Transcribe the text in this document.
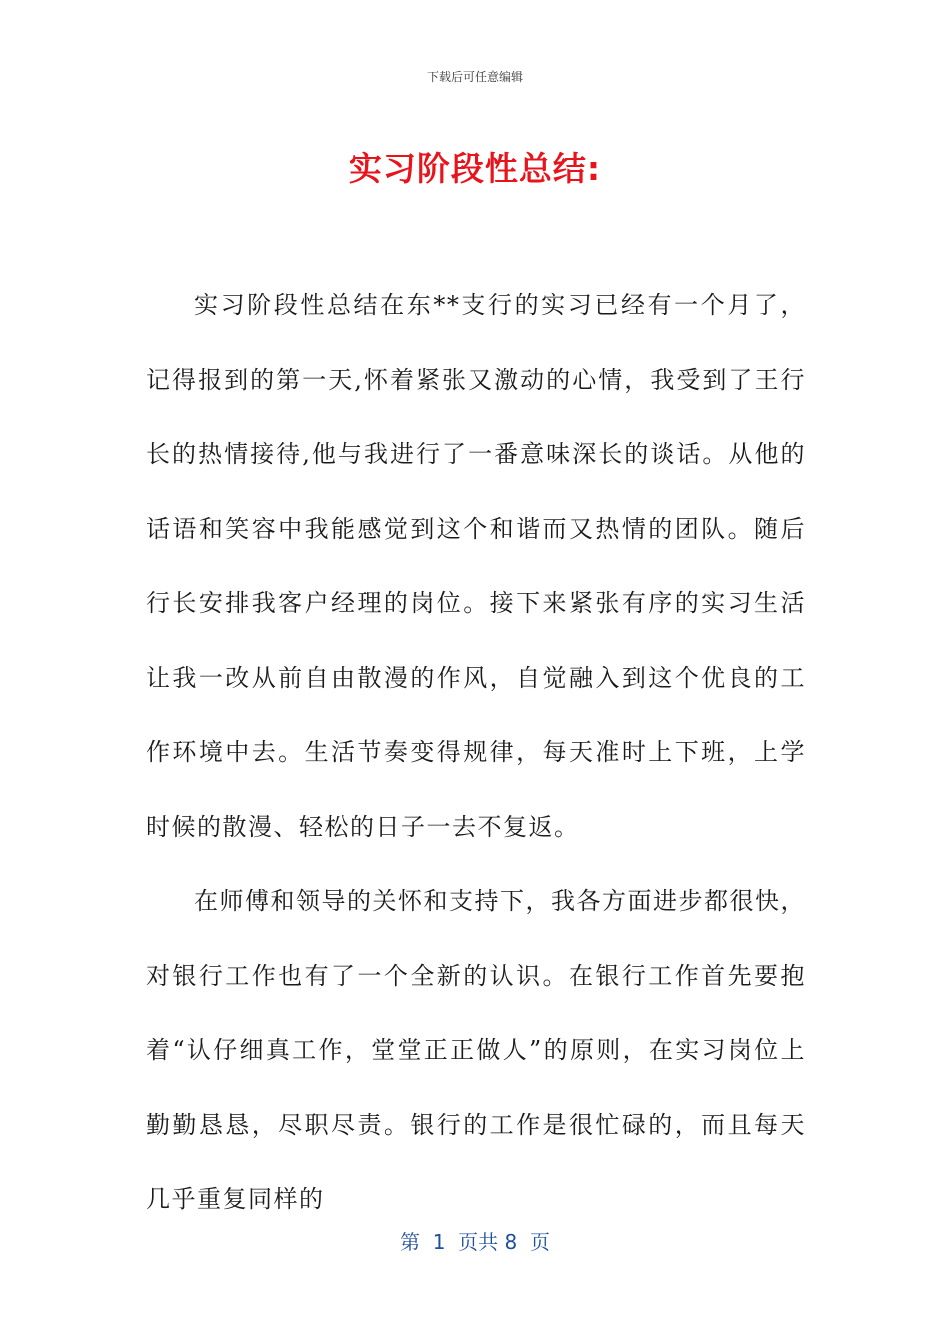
下载后可任意编辑
实习阶段性总结:

实习阶段性总结在东**支行的实习已经有一个月了，记得报到的第一天,怀着紧张又激动的心情，我受到了王行长的热情接待,他与我进行了一番意味深长的谈话。从他的话语和笑容中我能感觉到这个和谐而又热情的团队。随后行长安排我客户经理的岗位。接下来紧张有序的实习生活让我一改从前自由散漫的作风，自觉融入到这个优良的工作环境中去。生活节奏变得规律，每天准时上下班，上学时候的散漫、轻松的日子一去不复返。

在师傅和领导的关怀和支持下，我各方面进步都很快，对银行工作也有了一个全新的认识。在银行工作首先要抱着“认仔细真工作，堂堂正正做人”的原则，在实习岗位上勤勤恳恳，尽职尽责。银行的工作是很忙碌的，而且每天几乎重复同样的

第  1  页共 8  页
